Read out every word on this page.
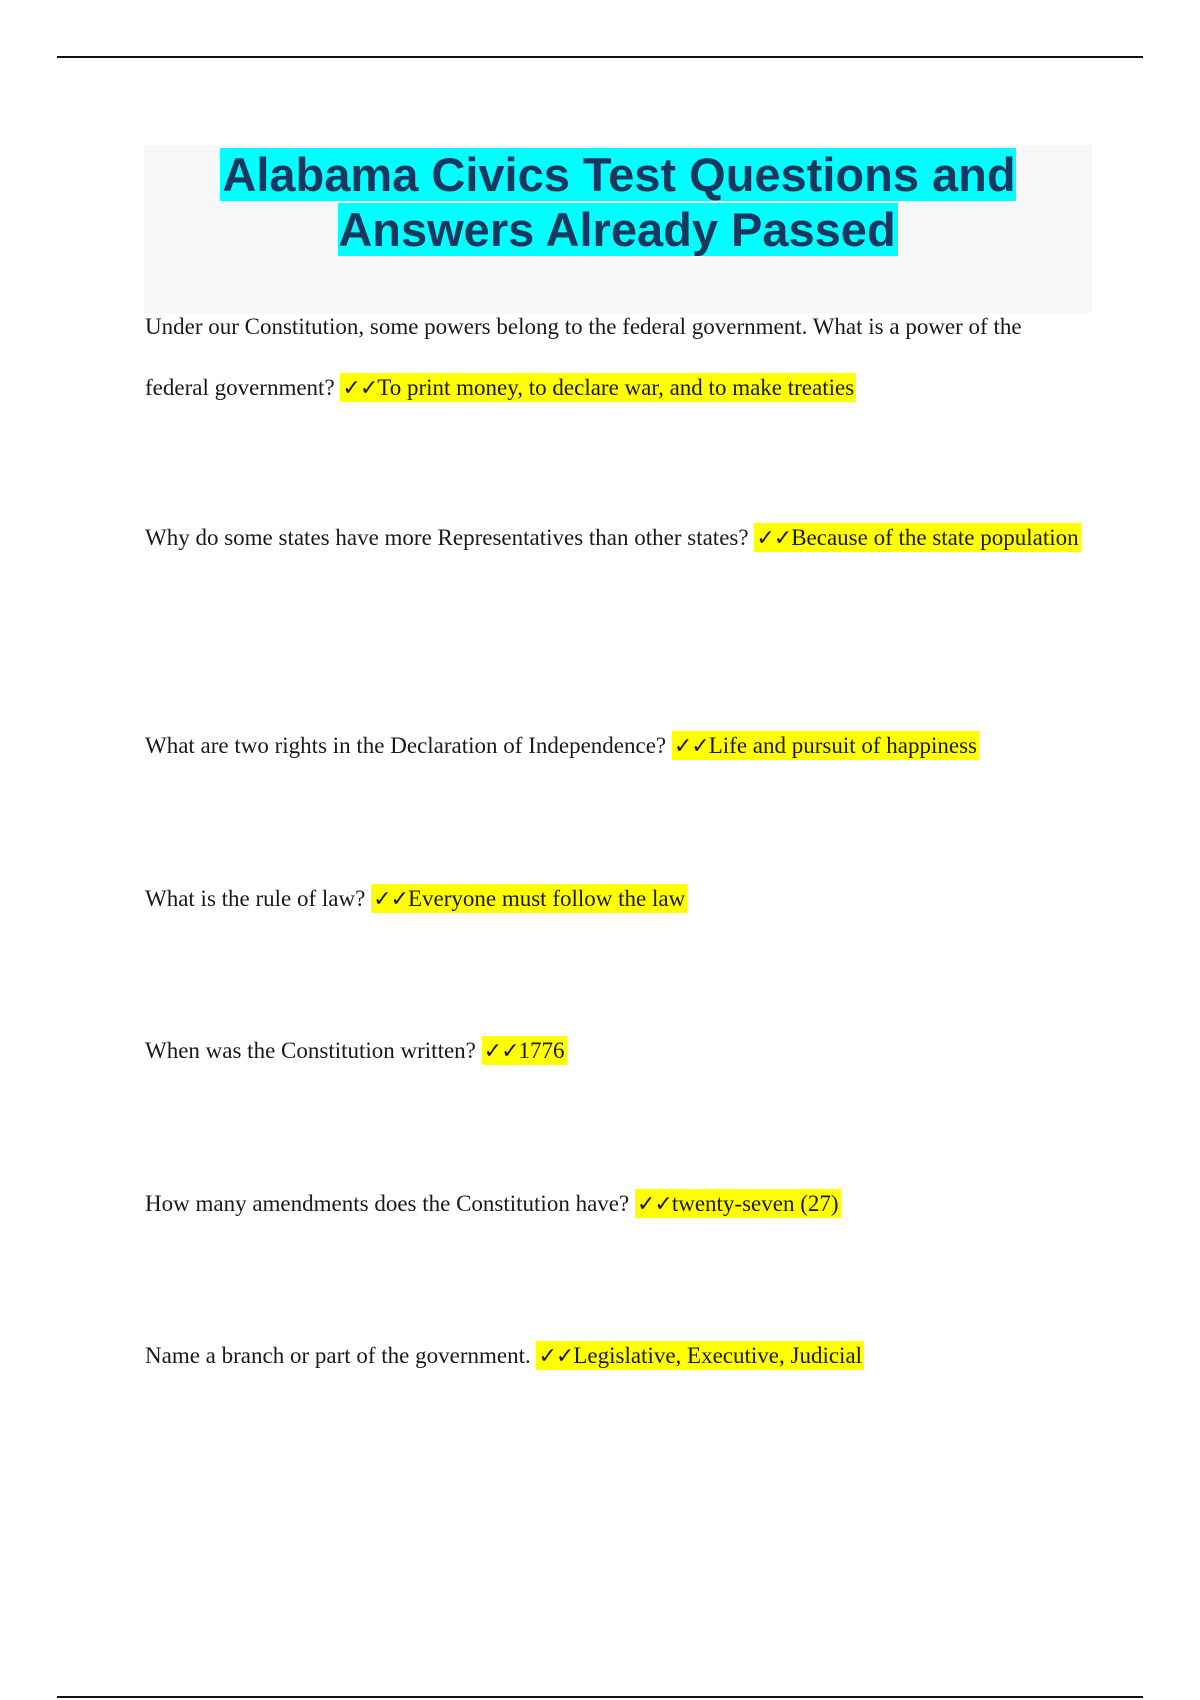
Alabama Civics Test Questions and Answers Already Passed

Under our Constitution, some powers belong to the federal government. What is a power of the federal government? ✓✓To print money, to declare war, and to make treaties

Why do some states have more Representatives than other states? ✓✓Because of the state population

What are two rights in the Declaration of Independence? ✓✓Life and pursuit of happiness

What is the rule of law? ✓✓Everyone must follow the law

When was the Constitution written? ✓✓1776

How many amendments does the Constitution have? ✓✓twenty-seven (27)

Name a branch or part of the government. ✓✓Legislative, Executive, Judicial
